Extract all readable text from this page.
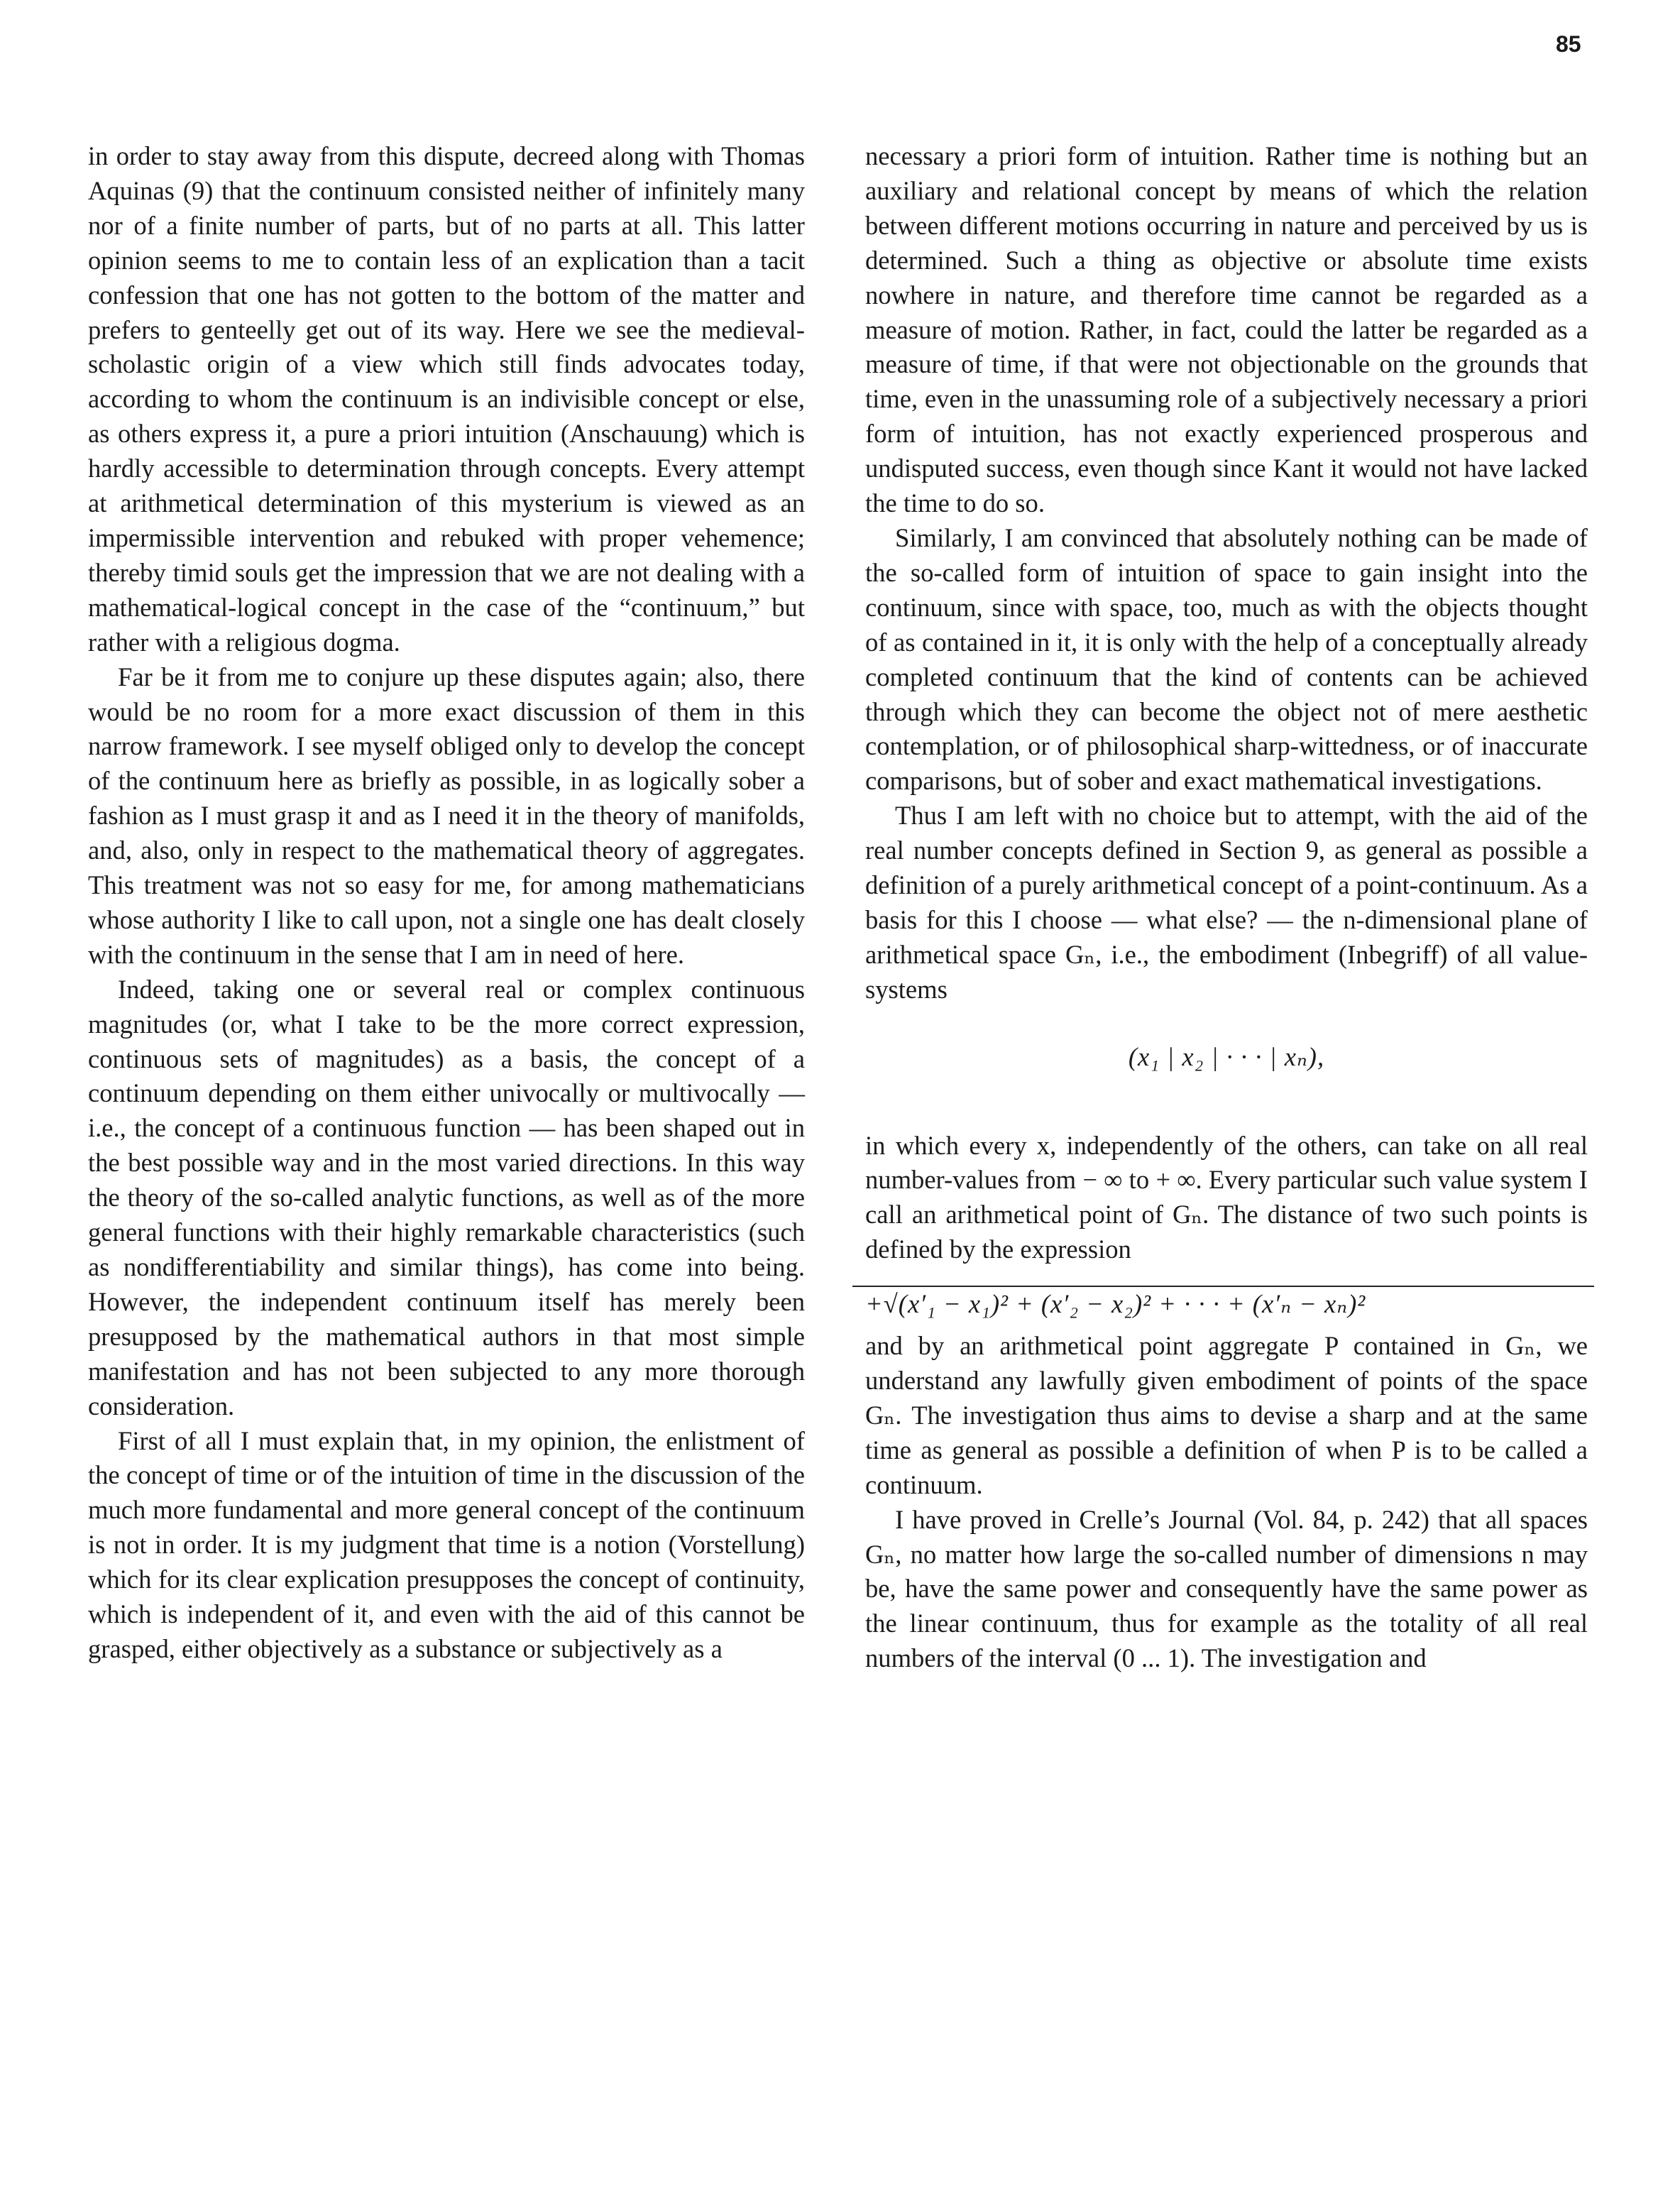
85

in order to stay away from this dispute, decreed along with Thomas Aquinas (9) that the continuum consisted neither of infinitely many nor of a finite number of parts, but of no parts at all. This latter opinion seems to me to contain less of an explication than a tacit confession that one has not gotten to the bottom of the matter and prefers to genteelly get out of its way. Here we see the medieval-scholastic origin of a view which still finds advocates today, according to whom the continuum is an indivisible concept or else, as others express it, a pure a priori intuition (Anschauung) which is hardly accessible to determination through concepts. Every attempt at arithmetical determination of this mysterium is viewed as an impermissible intervention and rebuked with proper vehemence; thereby timid souls get the impression that we are not dealing with a mathematical-logical concept in the case of the “continuum,” but rather with a religious dogma.

Far be it from me to conjure up these disputes again; also, there would be no room for a more exact discussion of them in this narrow framework. I see myself obliged only to develop the concept of the continuum here as briefly as possible, in as logically sober a fashion as I must grasp it and as I need it in the theory of manifolds, and, also, only in respect to the mathematical theory of aggregates. This treatment was not so easy for me, for among mathematicians whose authority I like to call upon, not a single one has dealt closely with the continuum in the sense that I am in need of here.

Indeed, taking one or several real or complex continuous magnitudes (or, what I take to be the more correct expression, continuous sets of magnitudes) as a basis, the concept of a continuum depending on them either univocally or multivocally — i.e., the concept of a continuous function — has been shaped out in the best possible way and in the most varied directions. In this way the theory of the so-called analytic functions, as well as of the more general functions with their highly remarkable characteristics (such as nondifferentiability and similar things), has come into being. However, the independent continuum itself has merely been presupposed by the mathematical authors in that most simple manifestation and has not been subjected to any more thorough consideration.

First of all I must explain that, in my opinion, the enlistment of the concept of time or of the intuition of time in the discussion of the much more fundamental and more general concept of the continuum is not in order. It is my judgment that time is a notion (Vorstellung) which for its clear explication presupposes the concept of continuity, which is independent of it, and even with the aid of this cannot be grasped, either objectively as a substance or subjectively as a

necessary a priori form of intuition. Rather time is nothing but an auxiliary and relational concept by means of which the relation between different motions occurring in nature and perceived by us is determined. Such a thing as objective or absolute time exists nowhere in nature, and therefore time cannot be regarded as a measure of motion. Rather, in fact, could the latter be regarded as a measure of time, if that were not objectionable on the grounds that time, even in the unassuming role of a subjectively necessary a priori form of intuition, has not exactly experienced prosperous and undisputed success, even though since Kant it would not have lacked the time to do so.

Similarly, I am convinced that absolutely nothing can be made of the so-called form of intuition of space to gain insight into the continuum, since with space, too, much as with the objects thought of as contained in it, it is only with the help of a conceptually already completed continuum that the kind of contents can be achieved through which they can become the object not of mere aesthetic contemplation, or of philosophical sharp-wittedness, or of inaccurate comparisons, but of sober and exact mathematical investigations.

Thus I am left with no choice but to attempt, with the aid of the real number concepts defined in Section 9, as general as possible a definition of a purely arithmetical concept of a point-continuum. As a basis for this I choose — what else? — the n-dimensional plane of arithmetical space Gₙ, i.e., the embodiment (Inbegriff) of all value-systems

(x₁ | x₂ | · · · | xₙ),

in which every x, independently of the others, can take on all real number-values from − ∞ to + ∞. Every particular such value system I call an arithmetical point of Gₙ. The distance of two such points is defined by the expression

+√(x′₁ − x₁)² + (x′₂ − x₂)² + · · · + (x′ₙ − xₙ)²

and by an arithmetical point aggregate P contained in Gₙ, we understand any lawfully given embodiment of points of the space Gₙ. The investigation thus aims to devise a sharp and at the same time as general as possible a definition of when P is to be called a continuum.

I have proved in Crelle’s Journal (Vol. 84, p. 242) that all spaces Gₙ, no matter how large the so-called number of dimensions n may be, have the same power and consequently have the same power as the linear continuum, thus for example as the totality of all real numbers of the interval (0 ... 1). The investigation and
